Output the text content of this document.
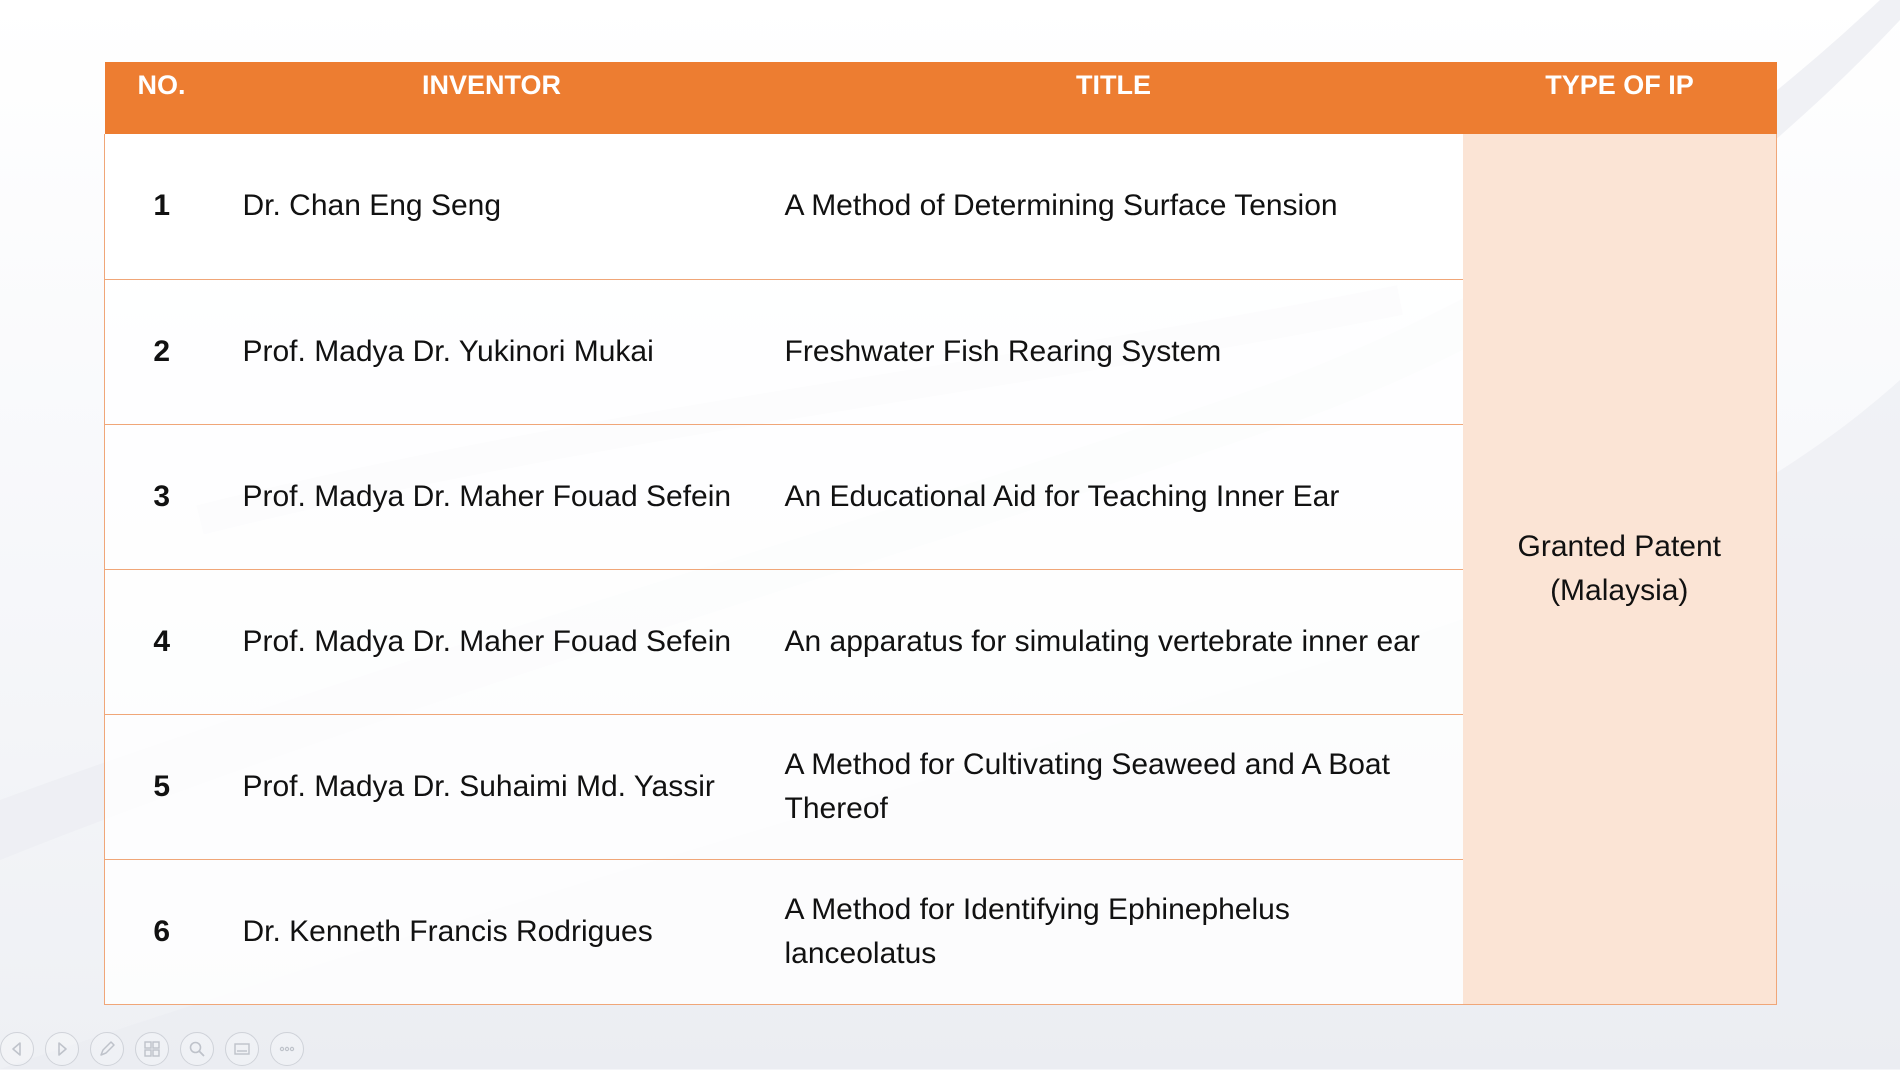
NO.	INVENTOR	TITLE	TYPE OF IP
1	Dr. Chan Eng Seng	A Method of Determining Surface Tension	Granted Patent
(Malaysia)

2	Prof. Madya Dr. Yukinori Mukai	Freshwater Fish Rearing System	
3	Prof. Madya Dr. Maher Fouad Sefein	An Educational Aid for Teaching Inner Ear	
4	Prof. Madya Dr. Maher Fouad Sefein	An apparatus for simulating vertebrate inner ear	
5	Prof. Madya Dr. Suhaimi Md. Yassir	A Method for Cultivating Seaweed and A Boat Thereof	
6	Dr. Kenneth Francis Rodrigues	A Method for Identifying Ephinephelus lanceolatus	
